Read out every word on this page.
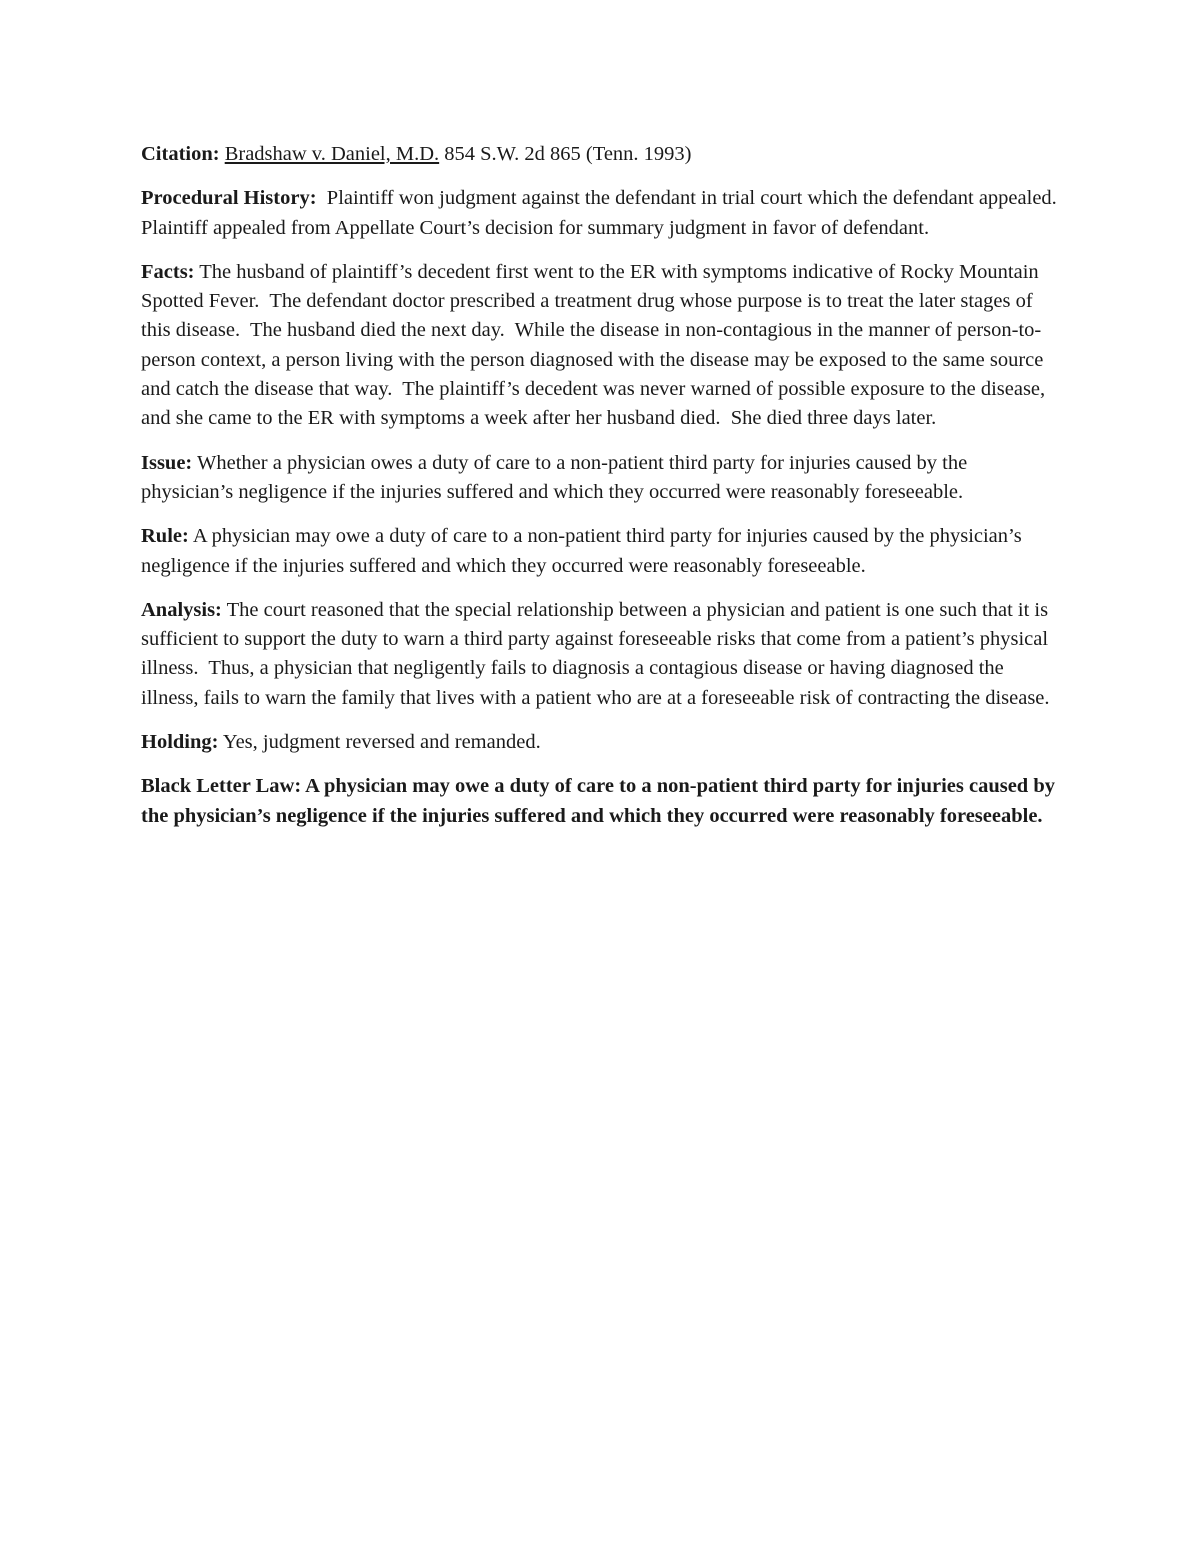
Citation: Bradshaw v. Daniel, M.D. 854 S.W. 2d 865 (Tenn. 1993)

Procedural History:  Plaintiff won judgment against the defendant in trial court which the defendant appealed.  Plaintiff appealed from Appellate Court’s decision for summary judgment in favor of defendant.

Facts: The husband of plaintiff’s decedent first went to the ER with symptoms indicative of Rocky Mountain Spotted Fever.  The defendant doctor prescribed a treatment drug whose purpose is to treat the later stages of this disease.  The husband died the next day.  While the disease in non-contagious in the manner of person-to-person context, a person living with the person diagnosed with the disease may be exposed to the same source and catch the disease that way.  The plaintiff’s decedent was never warned of possible exposure to the disease, and she came to the ER with symptoms a week after her husband died.  She died three days later.

Issue: Whether a physician owes a duty of care to a non-patient third party for injuries caused by the physician’s negligence if the injuries suffered and which they occurred were reasonably foreseeable.

Rule: A physician may owe a duty of care to a non-patient third party for injuries caused by the physician’s negligence if the injuries suffered and which they occurred were reasonably foreseeable.

Analysis: The court reasoned that the special relationship between a physician and patient is one such that it is sufficient to support the duty to warn a third party against foreseeable risks that come from a patient’s physical illness.  Thus, a physician that negligently fails to diagnosis a contagious disease or having diagnosed the illness, fails to warn the family that lives with a patient who are at a foreseeable risk of contracting the disease.

Holding: Yes, judgment reversed and remanded.

Black Letter Law: A physician may owe a duty of care to a non-patient third party for injuries caused by the physician’s negligence if the injuries suffered and which they occurred were reasonably foreseeable.
